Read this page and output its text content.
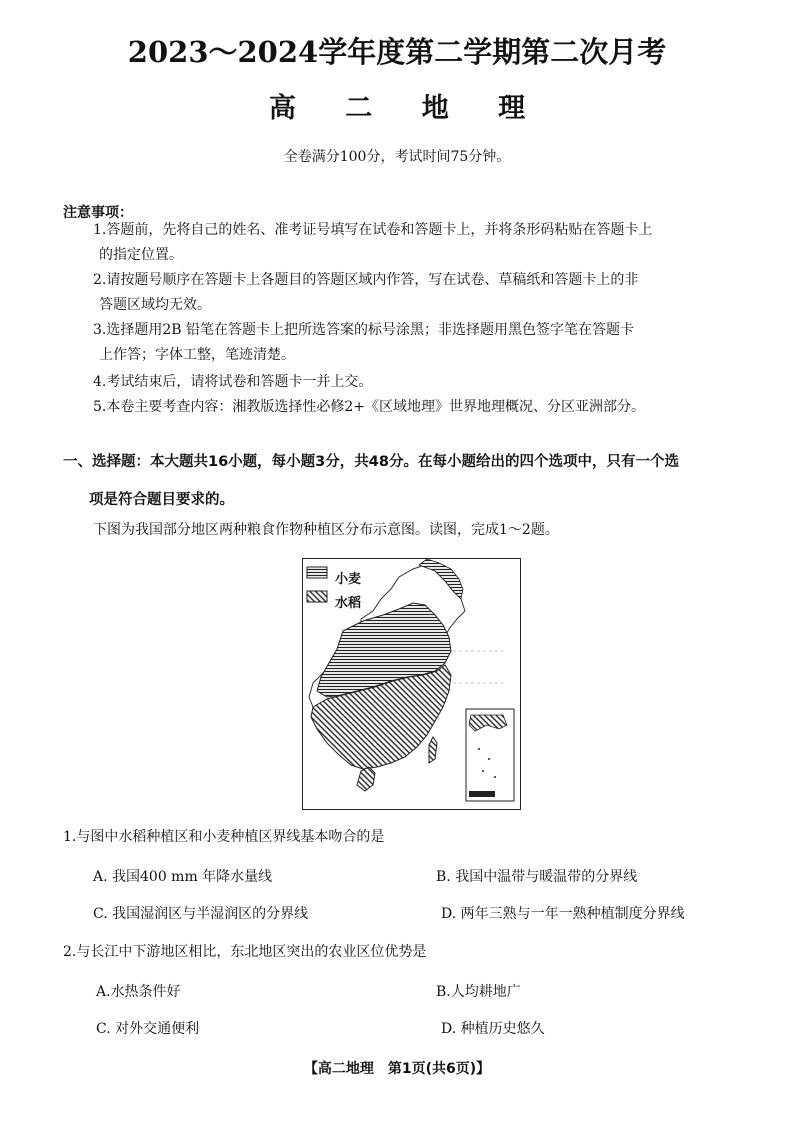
2023～2024学年度第二学期第二次月考
高 二 地 理
全卷满分100分，考试时间75分钟。
注意事项：
1.答题前，先将自己的姓名、准考证号填写在试卷和答题卡上，并将条形码粘贴在答题卡上
的指定位置。
2.请按题号顺序在答题卡上各题目的答题区域内作答，写在试卷、草稿纸和答题卡上的非
答题区域均无效。
3.选择题用2B 铅笔在答题卡上把所选答案的标号涂黑；非选择题用黑色签字笔在答题卡
上作答；字体工整，笔迹清楚。
4.考试结束后，请将试卷和答题卡一并上交。
5.本卷主要考查内容：湘教版选择性必修2+《区域地理》世界地理概况、分区亚洲部分。
一、选择题：本大题共16小题，每小题3分，共48分。在每小题给出的四个选项中，只有一个选
项是符合题目要求的。
下图为我国部分地区两种粮食作物种植区分布示意图。读图，完成1～2题。
小麦
水稻
1.与图中水稻种植区和小麦种植区界线基本吻合的是
A. 我国400 mm 年降水量线	B. 我国中温带与暖温带的分界线
C. 我国湿润区与半湿润区的分界线	D. 两年三熟与一年一熟种植制度分界线
2.与长江中下游地区相比，东北地区突出的农业区位优势是
A.水热条件好	B.人均耕地广
C. 对外交通便利	D. 种植历史悠久
【高二地理　第1页(共6页)】
